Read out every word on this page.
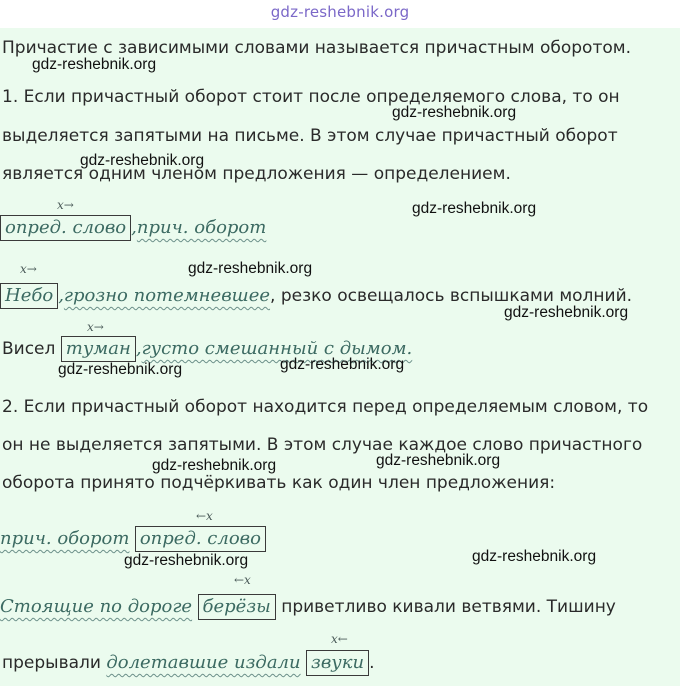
gdz-reshebnik.org
Причастие с зависимыми словами называется причастным оборотом.
1. Если причастный оборот стоит после определяемого слова, то он
выделяется запятыми на письме. В этом случае причастный оборот
является одним членом предложения — определением.
x→
опред. слово ,прич. оборот
x→
Небо ,грозно потемневшее, резко освещалось вспышками молний.
x→
Висел туман ,густо смешанный с дымом.
2. Если причастный оборот находится перед определяемым словом, то
он не выделяется запятыми. В этом случае каждое слово причастного
оборота принято подчёркивать как один член предложения:
←x
прич. оборот опред. слово
←x
Стоящие по дороге берёзы приветливо кивали ветвями. Тишину
x←
прерывали долетавшие издали звуки .
gdz-reshebnik.org
gdz-reshebnik.org
gdz-reshebnik.org
gdz-reshebnik.org
gdz-reshebnik.org
gdz-reshebnik.org
gdz-reshebnik.org
gdz-reshebnik.org
gdz-reshebnik.org	gdz-reshebnik.org
gdz-reshebnik.org	gdz-reshebnik.org
